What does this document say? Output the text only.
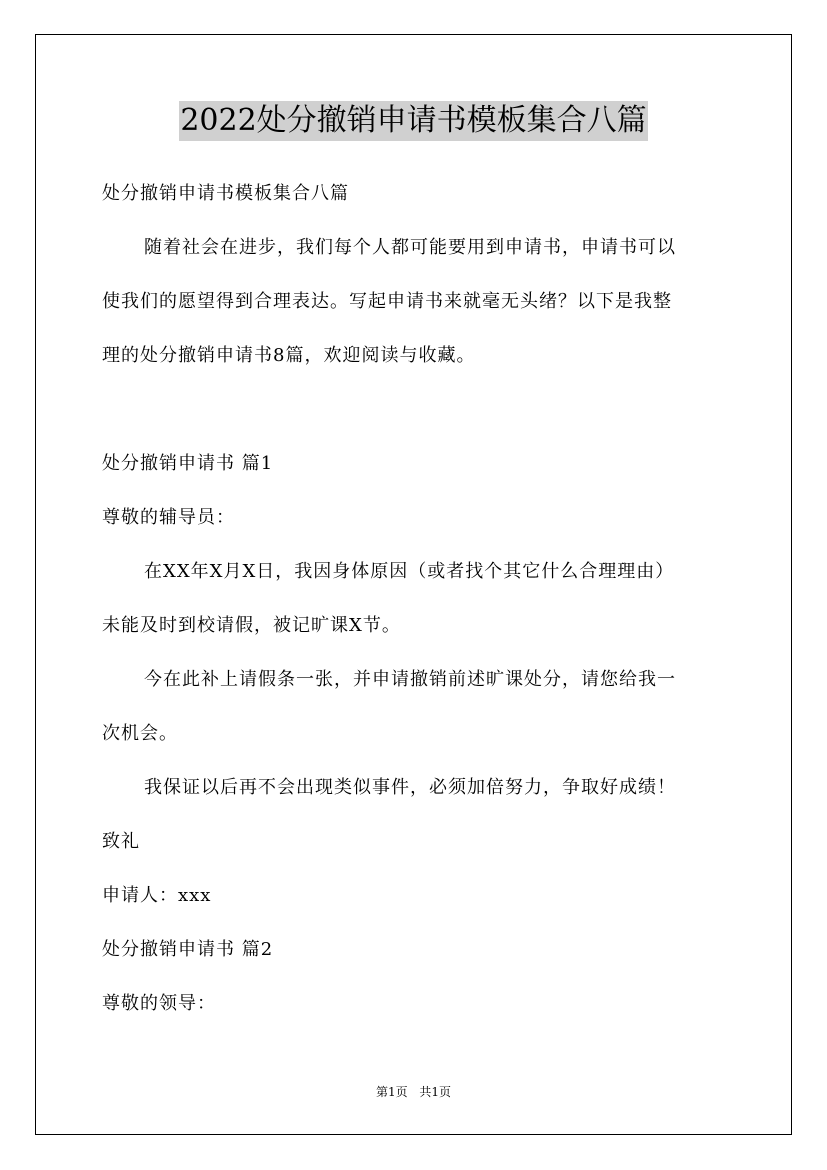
2022处分撤销申请书模板集合八篇
处分撤销申请书模板集合八篇
随着社会在进步，我们每个人都可能要用到申请书，申请书可以
使我们的愿望得到合理表达。写起申请书来就毫无头绪？以下是我整
理的处分撤销申请书8篇，欢迎阅读与收藏。
处分撤销申请书 篇1
尊敬的辅导员：
在XX年X月X日，我因身体原因（或者找个其它什么合理理由）
未能及时到校请假，被记旷课X节。
今在此补上请假条一张，并申请撤销前述旷课处分，请您给我一
次机会。
我保证以后再不会出现类似事件，必须加倍努力，争取好成绩！
致礼
申请人：xxx
处分撤销申请书 篇2
尊敬的领导：
第1页 共1页
